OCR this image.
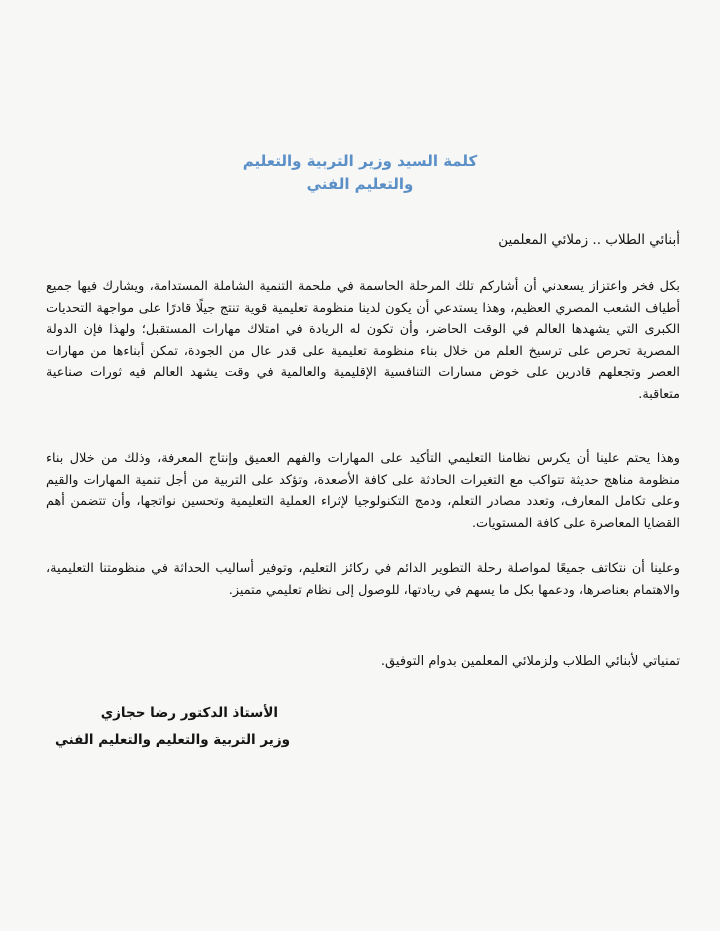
كلمة السيد وزير التربية والتعليم
والتعليم الفني
أبنائي الطلاب .. زملائي المعلمين
بكل فخر واعتزاز يسعدني أن أشاركم تلك المرحلة الحاسمة في ملحمة التنمية الشاملة المستدامة، ويشارك فيها جميع أطياف الشعب المصري العظيم، وهذا يستدعي أن يكون لدينا منظومة تعليمية قوية تنتج جيلًا قادرًا على مواجهة التحديات الكبرى التي يشهدها العالم في الوقت الحاضر، وأن تكون له الريادة في امتلاك مهارات المستقبل؛ ولهذا فإن الدولة المصرية تحرص على ترسيخ العلم من خلال بناء منظومة تعليمية على قدر عال من الجودة، تمكن أبناءها من مهارات العصر وتجعلهم قادرين على خوض مسارات التنافسية الإقليمية والعالمية في وقت يشهد العالم فيه ثورات صناعية متعاقبة.
وهذا يحتم علينا أن يكرس نظامنا التعليمي التأكيد على المهارات والفهم العميق وإنتاج المعرفة، وذلك من خلال بناء منظومة مناهج حديثة تتواكب مع التغيرات الحادثة على كافة الأصعدة، وتؤكد على التربية من أجل تنمية المهارات والقيم وعلى تكامل المعارف، وتعدد مصادر التعلم، ودمج التكنولوجيا لإثراء العملية التعليمية وتحسين نواتجها، وأن تتضمن أهم القضايا المعاصرة على كافة المستويات.
وعلينا أن نتكاتف جميعًا لمواصلة رحلة التطوير الدائم في ركائز التعليم، وتوفير أساليب الحداثة في منظومتنا التعليمية، والاهتمام بعناصرها، ودعمها بكل ما يسهم في ريادتها، للوصول إلى نظام تعليمي متميز.
تمنياتي لأبنائي الطلاب ولزملائي المعلمين بدوام التوفيق.
الأستاذ الدكتور رضا حجازي
وزير التربية والتعليم والتعليم الفني
